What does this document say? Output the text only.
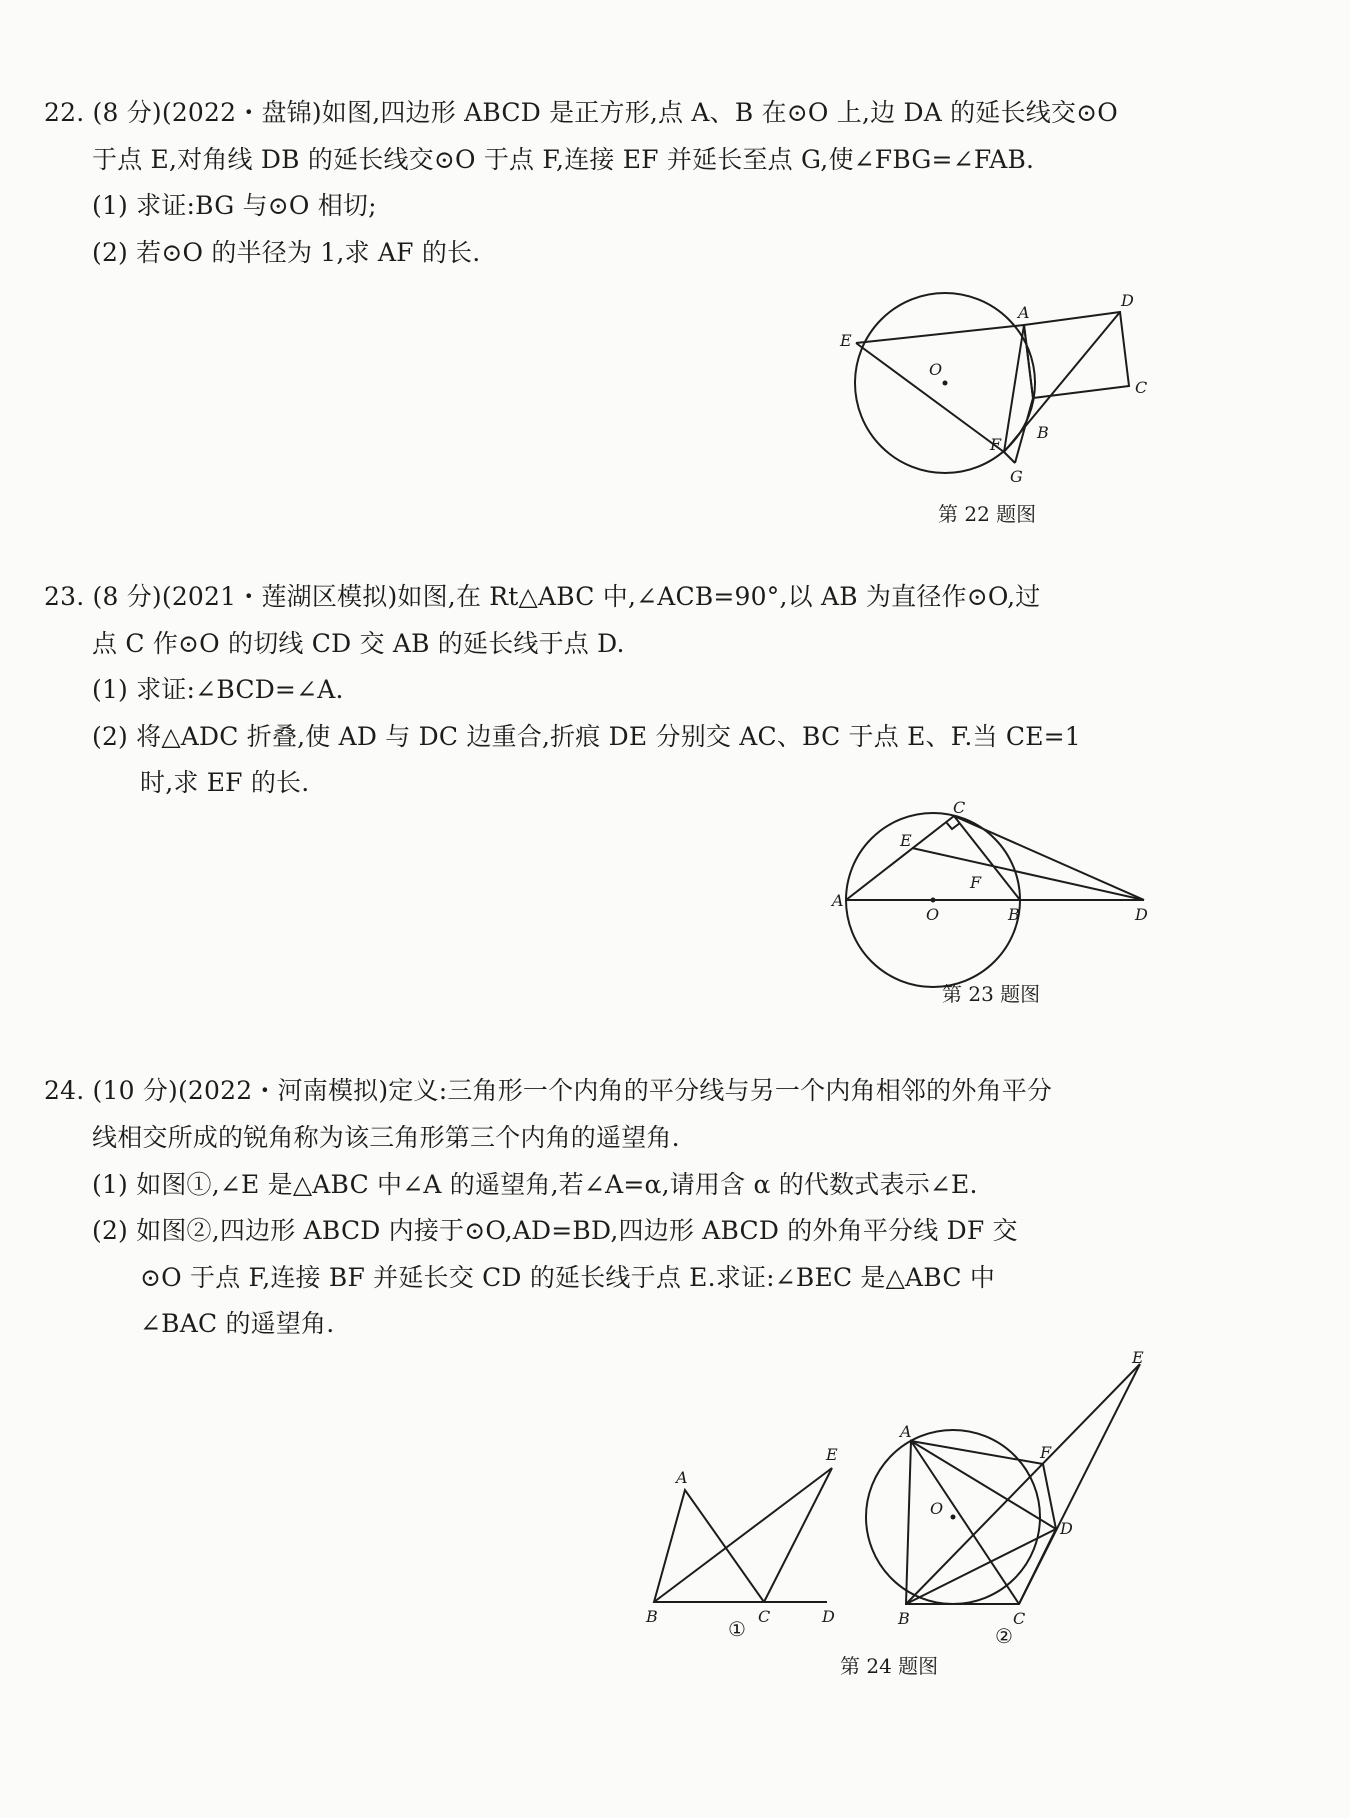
22. (8 分)(2022・盘锦)如图,四边形 ABCD 是正方形,点 A、B 在⊙O 上,边 DA 的延长线交⊙O
于点 E,对角线 DB 的延长线交⊙O 于点 F,连接 EF 并延长至点 G,使∠FBG=∠FAB.
(1) 求证:BG 与⊙O 相切;
(2) 若⊙O 的半径为 1,求 AF 的长.
A
D
E
O
C
B
F
G
第 22 题图
23. (8 分)(2021・莲湖区模拟)如图,在 Rt△ABC 中,∠ACB=90°,以 AB 为直径作⊙O,过
点 C 作⊙O 的切线 CD 交 AB 的延长线于点 D.
(1) 求证:∠BCD=∠A.
(2) 将△ADC 折叠,使 AD 与 DC 边重合,折痕 DE 分别交 AC、BC 于点 E、F.当 CE=1
时,求 EF 的长.
C
E
F
A
O	B	D
第 23 题图
24. (10 分)(2022・河南模拟)定义:三角形一个内角的平分线与另一个内角相邻的外角平分
线相交所成的锐角称为该三角形第三个内角的遥望角.
(1) 如图①,∠E 是△ABC 中∠A 的遥望角,若∠A=α,请用含 α 的代数式表示∠E.
(2) 如图②,四边形 ABCD 内接于⊙O,AD=BD,四边形 ABCD 的外角平分线 DF 交
⊙O 于点 F,连接 BF 并延长交 CD 的延长线于点 E.求证:∠BEC 是△ABC 中
∠BAC 的遥望角.
A
E
B	C	D
①
E
A
F
O
D
B	C
②
第 24 题图
